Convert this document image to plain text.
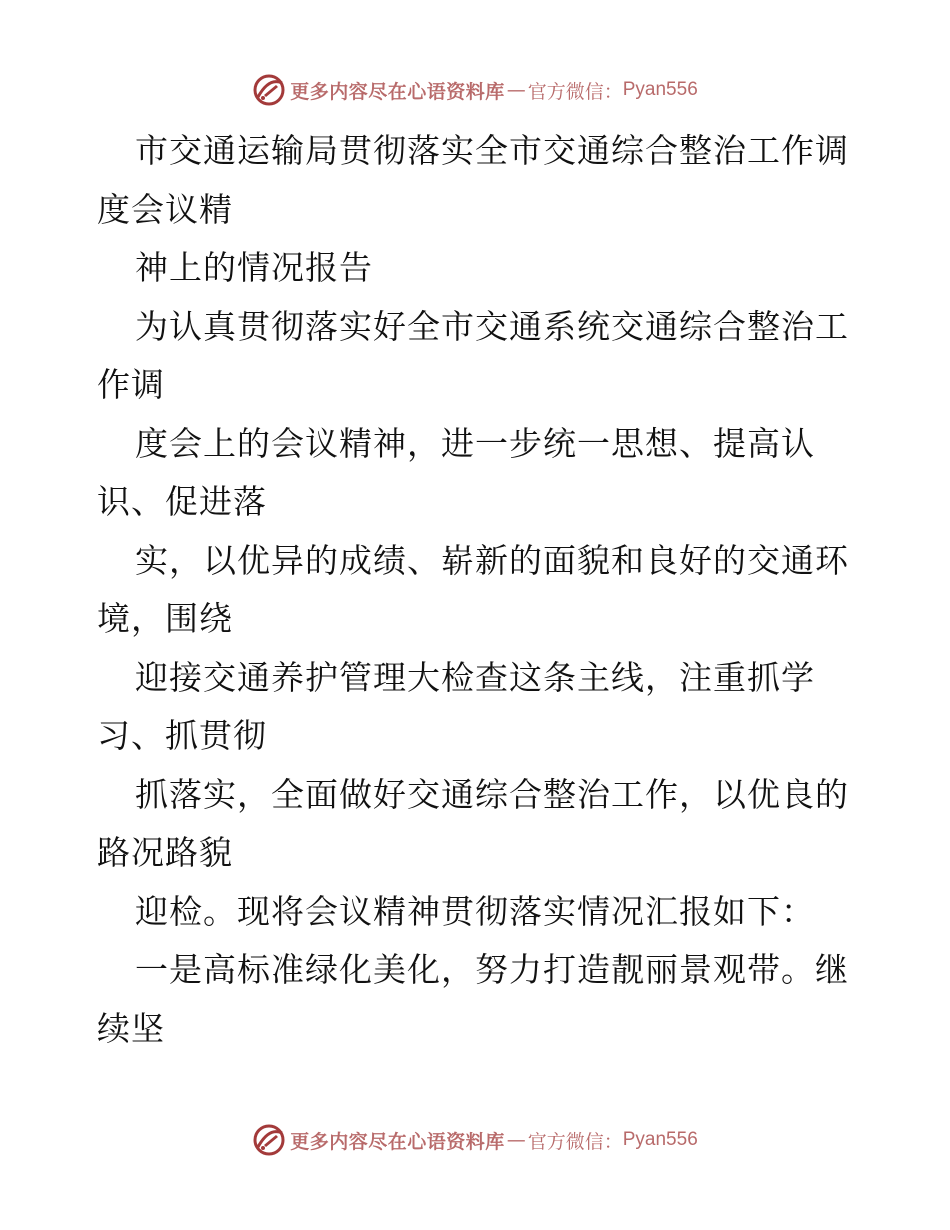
更多内容尽在心语资料库 — 官方微信： Pyan556
市交通运输局贯彻落实全市交通综合整治工作调
度会议精
神上的情况报告
为认真贯彻落实好全市交通系统交通综合整治工
作调
度会上的会议精神，进一步统一思想、提高认
识、促进落
实，以优异的成绩、崭新的面貌和良好的交通环
境，围绕
迎接交通养护管理大检查这条主线，注重抓学
习、抓贯彻
抓落实，全面做好交通综合整治工作，以优良的
路况路貌
迎检。现将会议精神贯彻落实情况汇报如下：
一是高标准绿化美化，努力打造靓丽景观带。继
续坚
更多内容尽在心语资料库 — 官方微信： Pyan556
